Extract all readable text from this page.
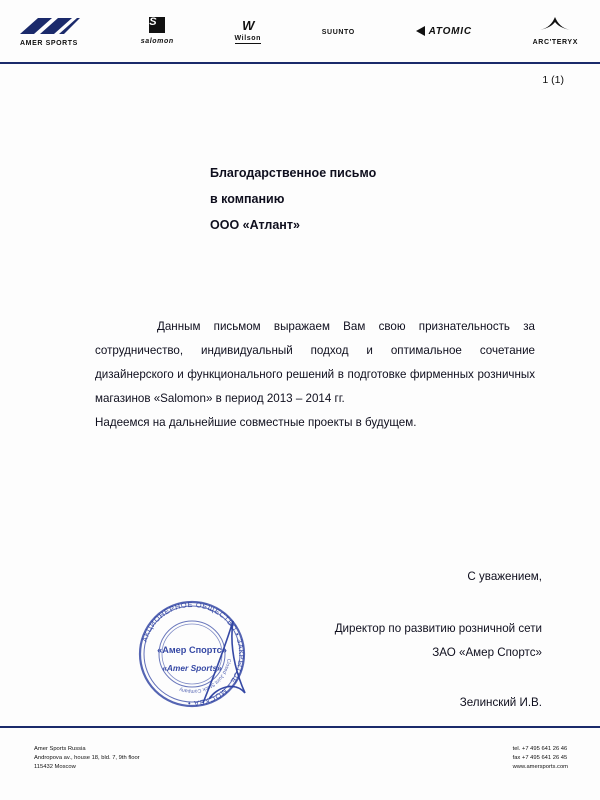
AMER SPORTS
S
salomon
W
Wilson
SUUNTO	ATOMIC
ARC'TERYX
1 (1)
Благодарственное письмо
в компанию
ООО «Атлант»

Данным письмом выражаем Вам свою признательность за сотрудничество, индивидуальный подход и оптимальное сочетание дизайнерского и функционального решений в подготовке фирменных розничных магазинов «Salomon» в период 2013 – 2014 гг.

Надеемся на дальнейшие совместные проекты в будущем.

С уважением,
Директор по развитию розничной сети
ЗАО «Амер Спортс»
Зелинский И.В.
АКЦИОНЕРНОЕ ОБЩЕСТВО • ЗАКРЫТОЕ • МОСКВА •
Closed Joint Stock Company
«Амер Спортс»
«Amer Sports»
Amer Sports Russia
Andropova av., house 18, bld. 7, 9th floor
115432 Moscow
tel. +7 495 641 26 46
fax +7 495 641 26 45
www.amersports.com
